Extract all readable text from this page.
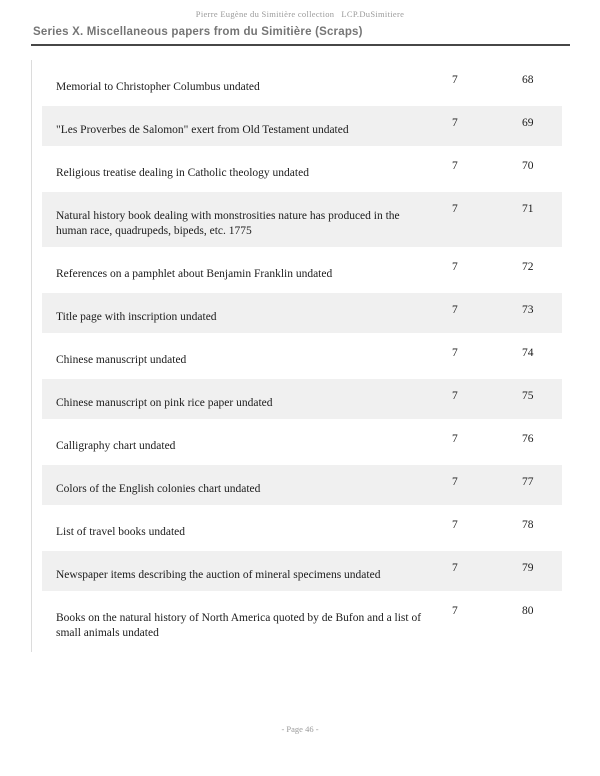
Pierre Eugène du Simitière collection LCP.DuSimitiere
Series X. Miscellaneous papers from du Simitière (Scraps)
Memorial to Christopher Columbus undated	7	68
"Les Proverbes de Salomon" exert from Old Testament undated	7	69
Religious treatise dealing in Catholic theology undated	7	70
Natural history book dealing with monstrosities nature has produced in the human race, quadrupeds, bipeds, etc. 1775	7	71
References on a pamphlet about Benjamin Franklin undated	7	72
Title page with inscription undated	7	73
Chinese manuscript undated	7	74
Chinese manuscript on pink rice paper undated	7	75
Calligraphy chart undated	7	76
Colors of the English colonies chart undated	7	77
List of travel books undated	7	78
Newspaper items describing the auction of mineral specimens undated	7	79
Books on the natural history of North America quoted by de Bufon and a list of small animals undated	7	80
- Page 46 -
